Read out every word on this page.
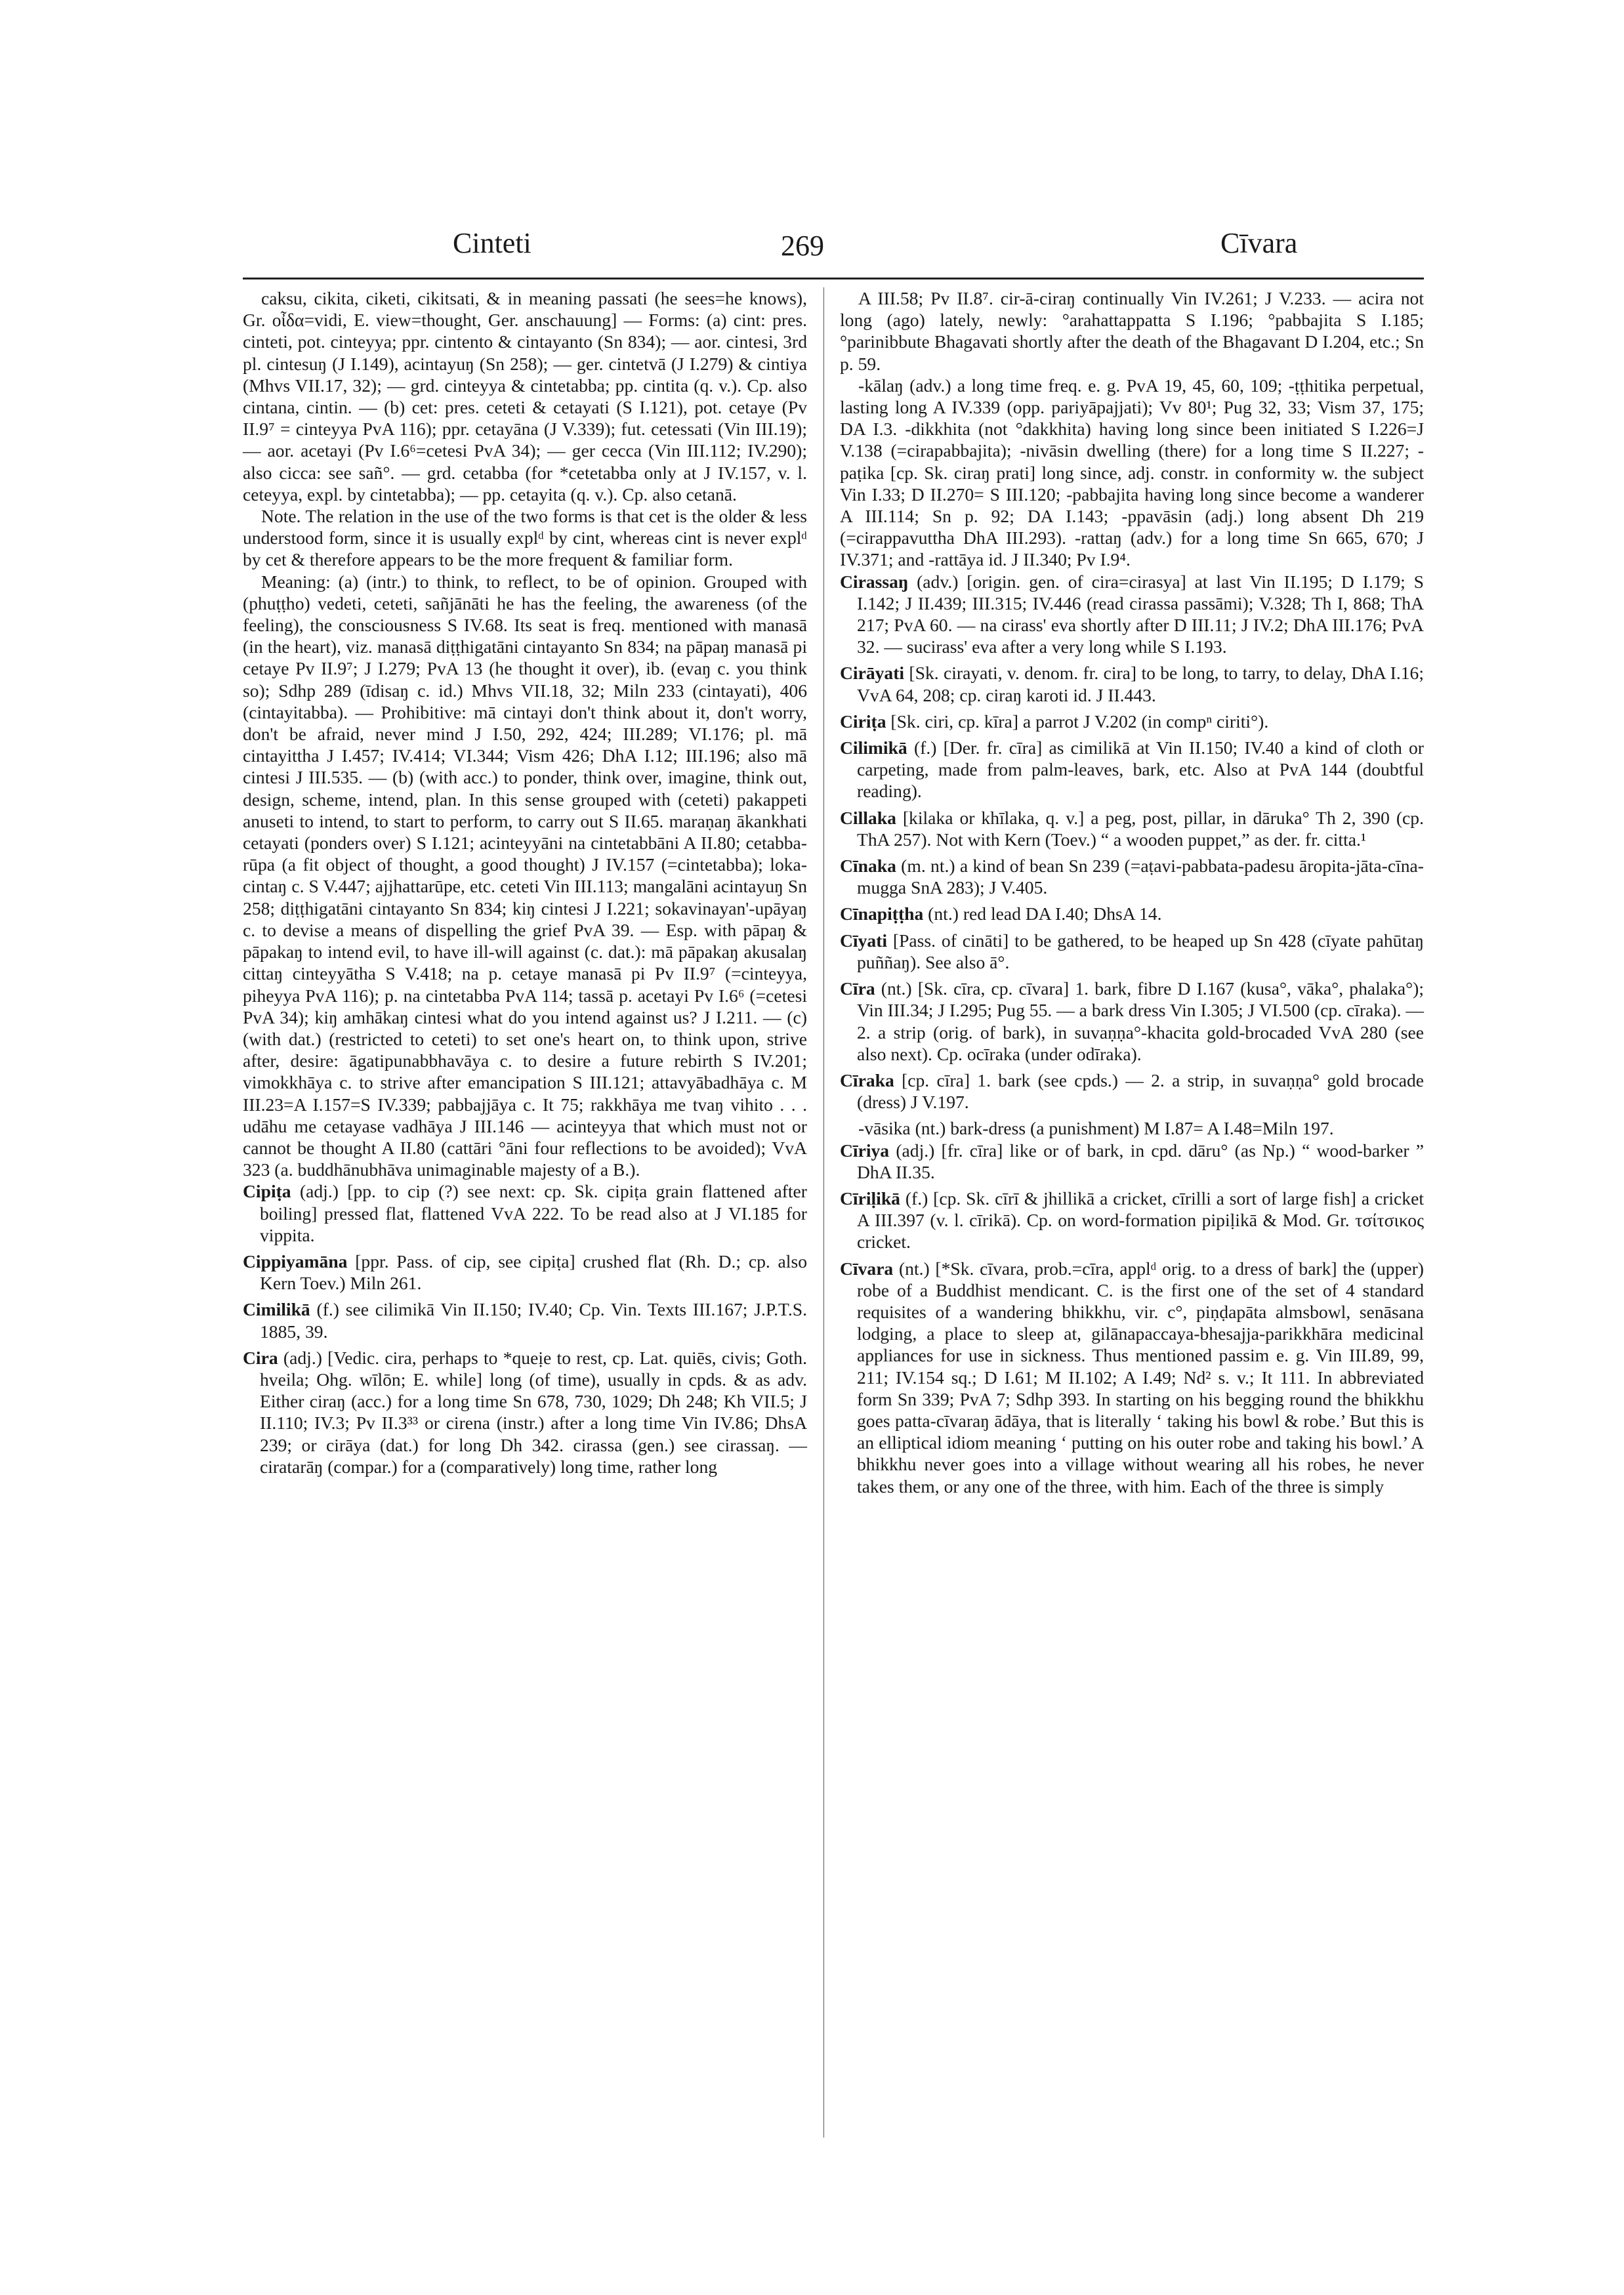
Cinteti	269	Cīvara

caksu, cikita, ciketi, cikitsati, & in meaning passati (he sees=he knows), Gr. οἶδα=vidi, E. view=thought, Ger. anschauung] — Forms: (a) cint: pres. cinteti, pot. cinteyya; ppr. cintento & cintayanto (Sn 834); — aor. cintesi, 3rd pl. cintesuŋ (J I.149), acintayuŋ (Sn 258); — ger. cintetvā (J I.279) & cintiya (Mhvs VII.17, 32); — grd. cinteyya & cintetabba; pp. cintita (q. v.). Cp. also cintana, cintin. — (b) cet: pres. ceteti & cetayati (S I.121), pot. cetaye (Pv II.9⁷ = cinteyya PvA 116); ppr. cetayāna (J V.339); fut. cetessati (Vin III.19); — aor. acetayi (Pv I.6⁶=cetesi PvA 34); — ger cecca (Vin III.112; IV.290); also cicca: see sañ°. — grd. cetabba (for *cetetabba only at J IV.157, v. l. ceteyya, expl. by cintetabba); — pp. cetayita (q. v.). Cp. also cetanā.

Note. The relation in the use of the two forms is that cet is the older & less understood form, since it is usually explᵈ by cint, whereas cint is never explᵈ by cet & therefore appears to be the more frequent & familiar form.

Meaning: (a) (intr.) to think, to reflect, to be of opinion. Grouped with (phuṭṭho) vedeti, ceteti, sañjānāti he has the feeling, the awareness (of the feeling), the consciousness S IV.68. Its seat is freq. mentioned with manasā (in the heart), viz. manasā diṭṭhigatāni cintayanto Sn 834; na pāpaŋ manasā pi cetaye Pv II.9⁷; J I.279; PvA 13 (he thought it over), ib. (evaŋ c. you think so); Sdhp 289 (īdisaŋ c. id.) Mhvs VII.18, 32; Miln 233 (cintayati), 406 (cintayitabba). — Prohibitive: mā cintayi don't think about it, don't worry, don't be afraid, never mind J I.50, 292, 424; III.289; VI.176; pl. mā cintayittha J I.457; IV.414; VI.344; Vism 426; DhA I.12; III.196; also mā cintesi J III.535. — (b) (with acc.) to ponder, think over, imagine, think out, design, scheme, intend, plan. In this sense grouped with (ceteti) pakappeti anuseti to intend, to start to perform, to carry out S II.65. maraṇaŋ ākankhati cetayati (ponders over) S I.121; acinteyyāni na cintetabbāni A II.80; cetabba-rūpa (a fit object of thought, a good thought) J IV.157 (=cintetabba); loka-cintaŋ c. S V.447; ajjhattarūpe, etc. ceteti Vin III.113; mangalāni acintayuŋ Sn 258; diṭṭhigatāni cintayanto Sn 834; kiŋ cintesi J I.221; sokavinayan'-upāyaŋ c. to devise a means of dispelling the grief PvA 39. — Esp. with pāpaŋ & pāpakaŋ to intend evil, to have ill-will against (c. dat.): mā pāpakaŋ akusalaŋ cittaŋ cinteyyātha S V.418; na p. cetaye manasā pi Pv II.9⁷ (=cinteyya, piheyya PvA 116); p. na cintetabba PvA 114; tassā p. acetayi Pv I.6⁶ (=cetesi PvA 34); kiŋ amhākaŋ cintesi what do you intend against us? J I.211. — (c) (with dat.) (restricted to ceteti) to set one's heart on, to think upon, strive after, desire: āgatipunabbhavāya c. to desire a future rebirth S IV.201; vimokkhāya c. to strive after emancipation S III.121; attavyābadhāya c. M III.23=A I.157=S IV.339; pabbajjāya c. It 75; rakkhāya me tvaŋ vihito . . . udāhu me cetayase vadhāya J III.146 — acinteyya that which must not or cannot be thought A II.80 (cattāri °āni four reflections to be avoided); VvA 323 (a. buddhānubhāva unimaginable majesty of a B.).

Cipiṭa (adj.) [pp. to cip (?) see next: cp. Sk. cipiṭa grain flattened after boiling] pressed flat, flattened VvA 222. To be read also at J VI.185 for vippita.

Cippiyamāna [ppr. Pass. of cip, see cipiṭa] crushed flat (Rh. D.; cp. also Kern Toev.) Miln 261.

Cimilikā (f.) see cilimikā Vin II.150; IV.40; Cp. Vin. Texts III.167; J.P.T.S. 1885, 39.

Cira (adj.) [Vedic. cira, perhaps to *queịe to rest, cp. Lat. quiēs, civis; Goth. hveila; Ohg. wīlōn; E. while] long (of time), usually in cpds. & as adv. Either ciraŋ (acc.) for a long time Sn 678, 730, 1029; Dh 248; Kh VII.5; J II.110; IV.3; Pv II.3³³ or cirena (instr.) after a long time Vin IV.86; DhsA 239; or cirāya (dat.) for long Dh 342. cirassa (gen.) see cirassaŋ. — ciratarāŋ (compar.) for a (comparatively) long time, rather long

A III.58; Pv II.8⁷. cir-ā-ciraŋ continually Vin IV.261; J V.233. — acira not long (ago) lately, newly: °arahattappatta S I.196; °pabbajita S I.185; °parinibbute Bhagavati shortly after the death of the Bhagavant D I.204, etc.; Sn p. 59.

-kālaŋ (adv.) a long time freq. e. g. PvA 19, 45, 60, 109; -ṭṭhitika perpetual, lasting long A IV.339 (opp. pariyāpajjati); Vv 80¹; Pug 32, 33; Vism 37, 175; DA I.3. -dikkhita (not °dakkhita) having long since been initiated S I.226=J V.138 (=cirapabbajita); -nivāsin dwelling (there) for a long time S II.227; -paṭika [cp. Sk. ciraŋ prati] long since, adj. constr. in conformity w. the subject Vin I.33; D II.270= S III.120; -pabbajita having long since become a wanderer A III.114; Sn p. 92; DA I.143; -ppavāsin (adj.) long absent Dh 219 (=cirappavuttha DhA III.293). -rattaŋ (adv.) for a long time Sn 665, 670; J IV.371; and -rattāya id. J II.340; Pv I.9⁴.

Cirassaŋ (adv.) [origin. gen. of cira=cirasya] at last Vin II.195; D I.179; S I.142; J II.439; III.315; IV.446 (read cirassa passāmi); V.328; Th I, 868; ThA 217; PvA 60. — na cirass' eva shortly after D III.11; J IV.2; DhA III.176; PvA 32. — sucirass' eva after a very long while S I.193.

Cirāyati [Sk. cirayati, v. denom. fr. cira] to be long, to tarry, to delay, DhA I.16; VvA 64, 208; cp. ciraŋ karoti id. J II.443.

Ciriṭa [Sk. ciri, cp. kīra] a parrot J V.202 (in compⁿ ciriti°).

Cilimikā (f.) [Der. fr. cīra] as cimilikā at Vin II.150; IV.40 a kind of cloth or carpeting, made from palm-leaves, bark, etc. Also at PvA 144 (doubtful reading).

Cillaka [kilaka or khīlaka, q. v.] a peg, post, pillar, in dāruka° Th 2, 390 (cp. ThA 257). Not with Kern (Toev.) “ a wooden puppet,” as der. fr. citta.¹

Cīnaka (m. nt.) a kind of bean Sn 239 (=aṭavi-pabbata-padesu āropita-jāta-cīna-mugga SnA 283); J V.405.

Cīnapiṭṭha (nt.) red lead DA I.40; DhsA 14.

Cīyati [Pass. of cināti] to be gathered, to be heaped up Sn 428 (cīyate pahūtaŋ puññaŋ). See also ā°.

Cīra (nt.) [Sk. cīra, cp. cīvara] 1. bark, fibre D I.167 (kusa°, vāka°, phalaka°); Vin III.34; J I.295; Pug 55. — a bark dress Vin I.305; J VI.500 (cp. cīraka). — 2. a strip (orig. of bark), in suvaṇṇa°-khacita gold-brocaded VvA 280 (see also next). Cp. ocīraka (under odīraka).

Cīraka [cp. cīra] 1. bark (see cpds.) — 2. a strip, in suvaṇṇa° gold brocade (dress) J V.197.

-vāsika (nt.) bark-dress (a punishment) M I.87= A I.48=Miln 197.

Cīriya (adj.) [fr. cīra] like or of bark, in cpd. dāru° (as Np.) “ wood-barker ” DhA II.35.

Cīriḷikā (f.) [cp. Sk. cīrī & jhillikā a cricket, cīrilli a sort of large fish] a cricket A III.397 (v. l. cīrikā). Cp. on word-formation pipiḷikā & Mod. Gr. τσίτσικος cricket.

Cīvara (nt.) [*Sk. cīvara, prob.=cīra, applᵈ orig. to a dress of bark] the (upper) robe of a Buddhist mendicant. C. is the first one of the set of 4 standard requisites of a wandering bhikkhu, vir. c°, piṇḍapāta almsbowl, senāsana lodging, a place to sleep at, gilānapaccaya-bhesajja-parikkhāra medicinal appliances for use in sickness. Thus mentioned passim e. g. Vin III.89, 99, 211; IV.154 sq.; D I.61; M II.102; A I.49; Nd² s. v.; It 111. In abbreviated form Sn 339; PvA 7; Sdhp 393. In starting on his begging round the bhikkhu goes patta-cīvaraŋ ādāya, that is literally ‘ taking his bowl & robe.’ But this is an elliptical idiom meaning ‘ putting on his outer robe and taking his bowl.’ A bhikkhu never goes into a village without wearing all his robes, he never takes them, or any one of the three, with him. Each of the three is simply
